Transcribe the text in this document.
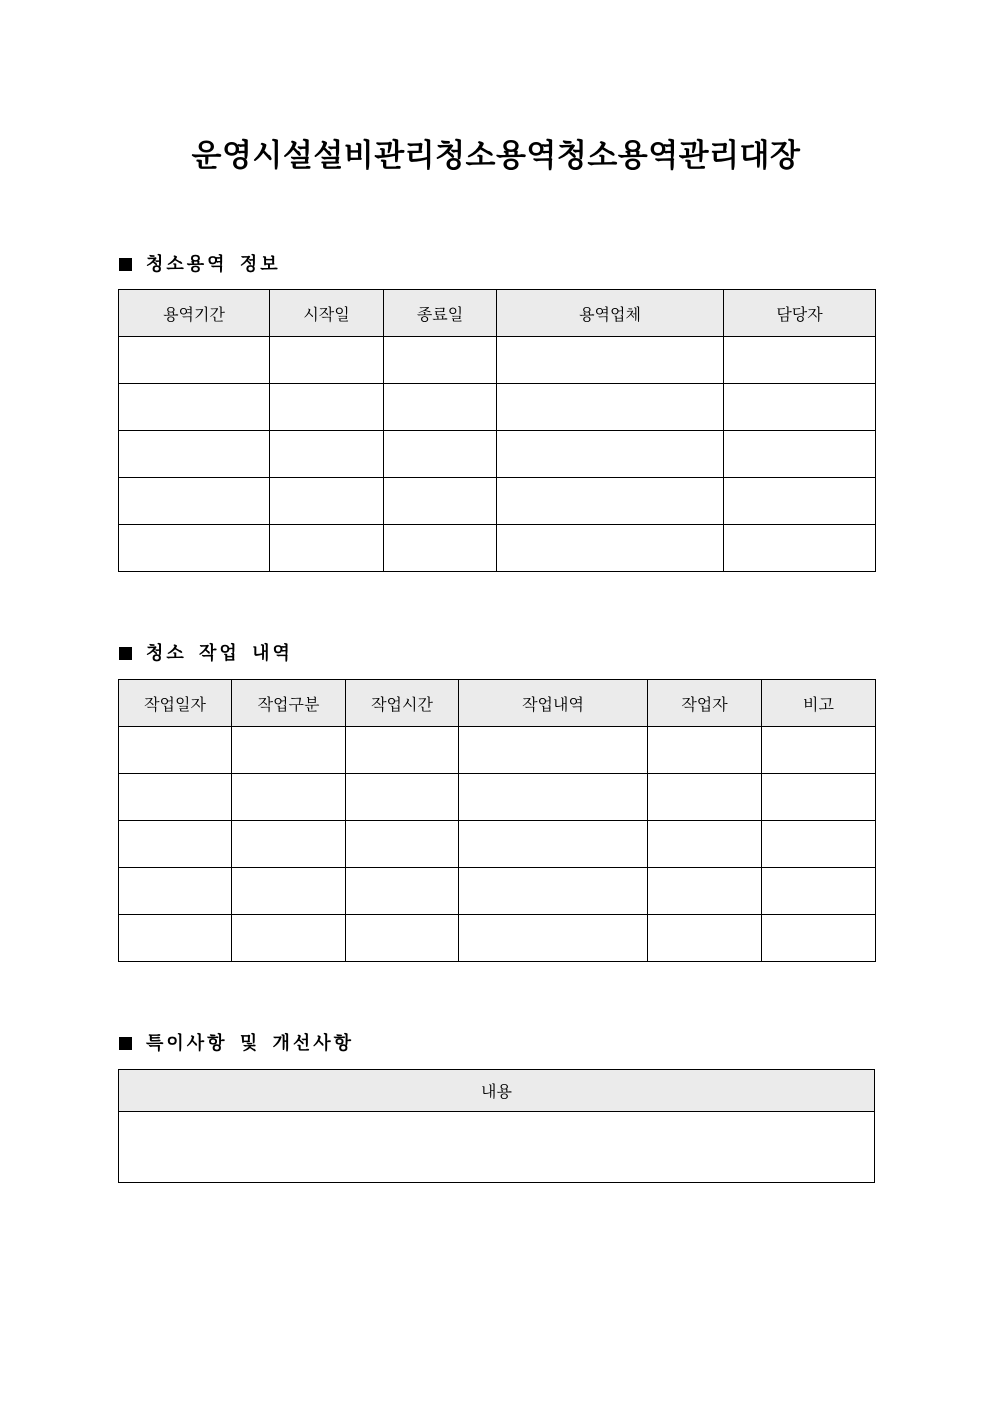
운영시설설비관리청소용역청소용역관리대장
청소용역 정보
용역기간	시작일	종료일	용역업체	담당자

청소 작업 내역
작업일자	작업구분	작업시간	작업내역	작업자	비고

특이사항 및 개선사항
내용
